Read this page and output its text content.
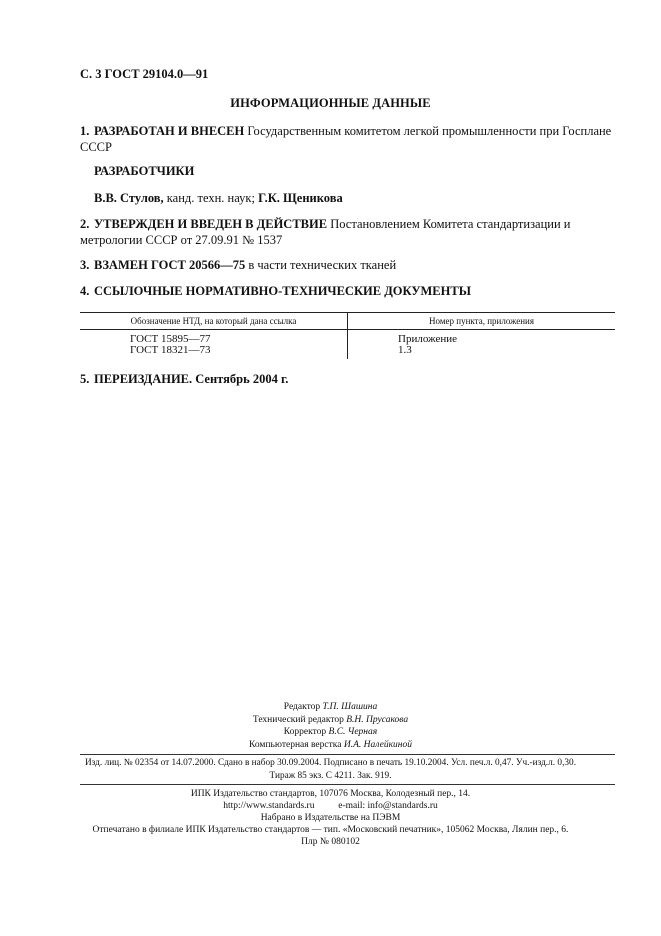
С. 3 ГОСТ 29104.0—91
ИНФОРМАЦИОННЫЕ ДАННЫЕ
1. РАЗРАБОТАН И ВНЕСЕН Государственным комитетом легкой промышленности при Госплане СССР
РАЗРАБОТЧИКИ
В.В. Стулов, канд. техн. наук; Г.К. Щеникова
2. УТВЕРЖДЕН И ВВЕДЕН В ДЕЙСТВИЕ Постановлением Комитета стандартизации и метрологии СССР от 27.09.91 № 1537
3. ВЗАМЕН ГОСТ 20566—75 в части технических тканей
4. ССЫЛОЧНЫЕ НОРМАТИВНО-ТЕХНИЧЕСКИЕ ДОКУМЕНТЫ
Обозначение НТД, на который дана ссылка	Номер пункта, приложения
ГОСТ 15895—77	Приложение
ГОСТ 18321—73	1.3
5. ПЕРЕИЗДАНИЕ. Сентябрь 2004 г.
Редактор Т.П. Шашина
Технический редактор В.Н. Прусакова
Корректор В.С. Черная
Компьютерная верстка И.А. Налейкиной
Изд. лиц. № 02354 от 14.07.2000. Сдано в набор 30.09.2004. Подписано в печать 19.10.2004. Усл. печ.л. 0,47. Уч.-изд.л. 0,30.
Тираж 85 экз. С 4211. Зак. 919.
ИПК Издательство стандартов, 107076 Москва, Колодезный пер., 14.
http://www.standards.ru	e-mail: info@standards.ru
Набрано в Издательстве на ПЭВМ
Отпечатано в филиале ИПК Издательство стандартов — тип. «Московский печатник», 105062 Москва, Лялин пер., 6.
Плр № 080102
